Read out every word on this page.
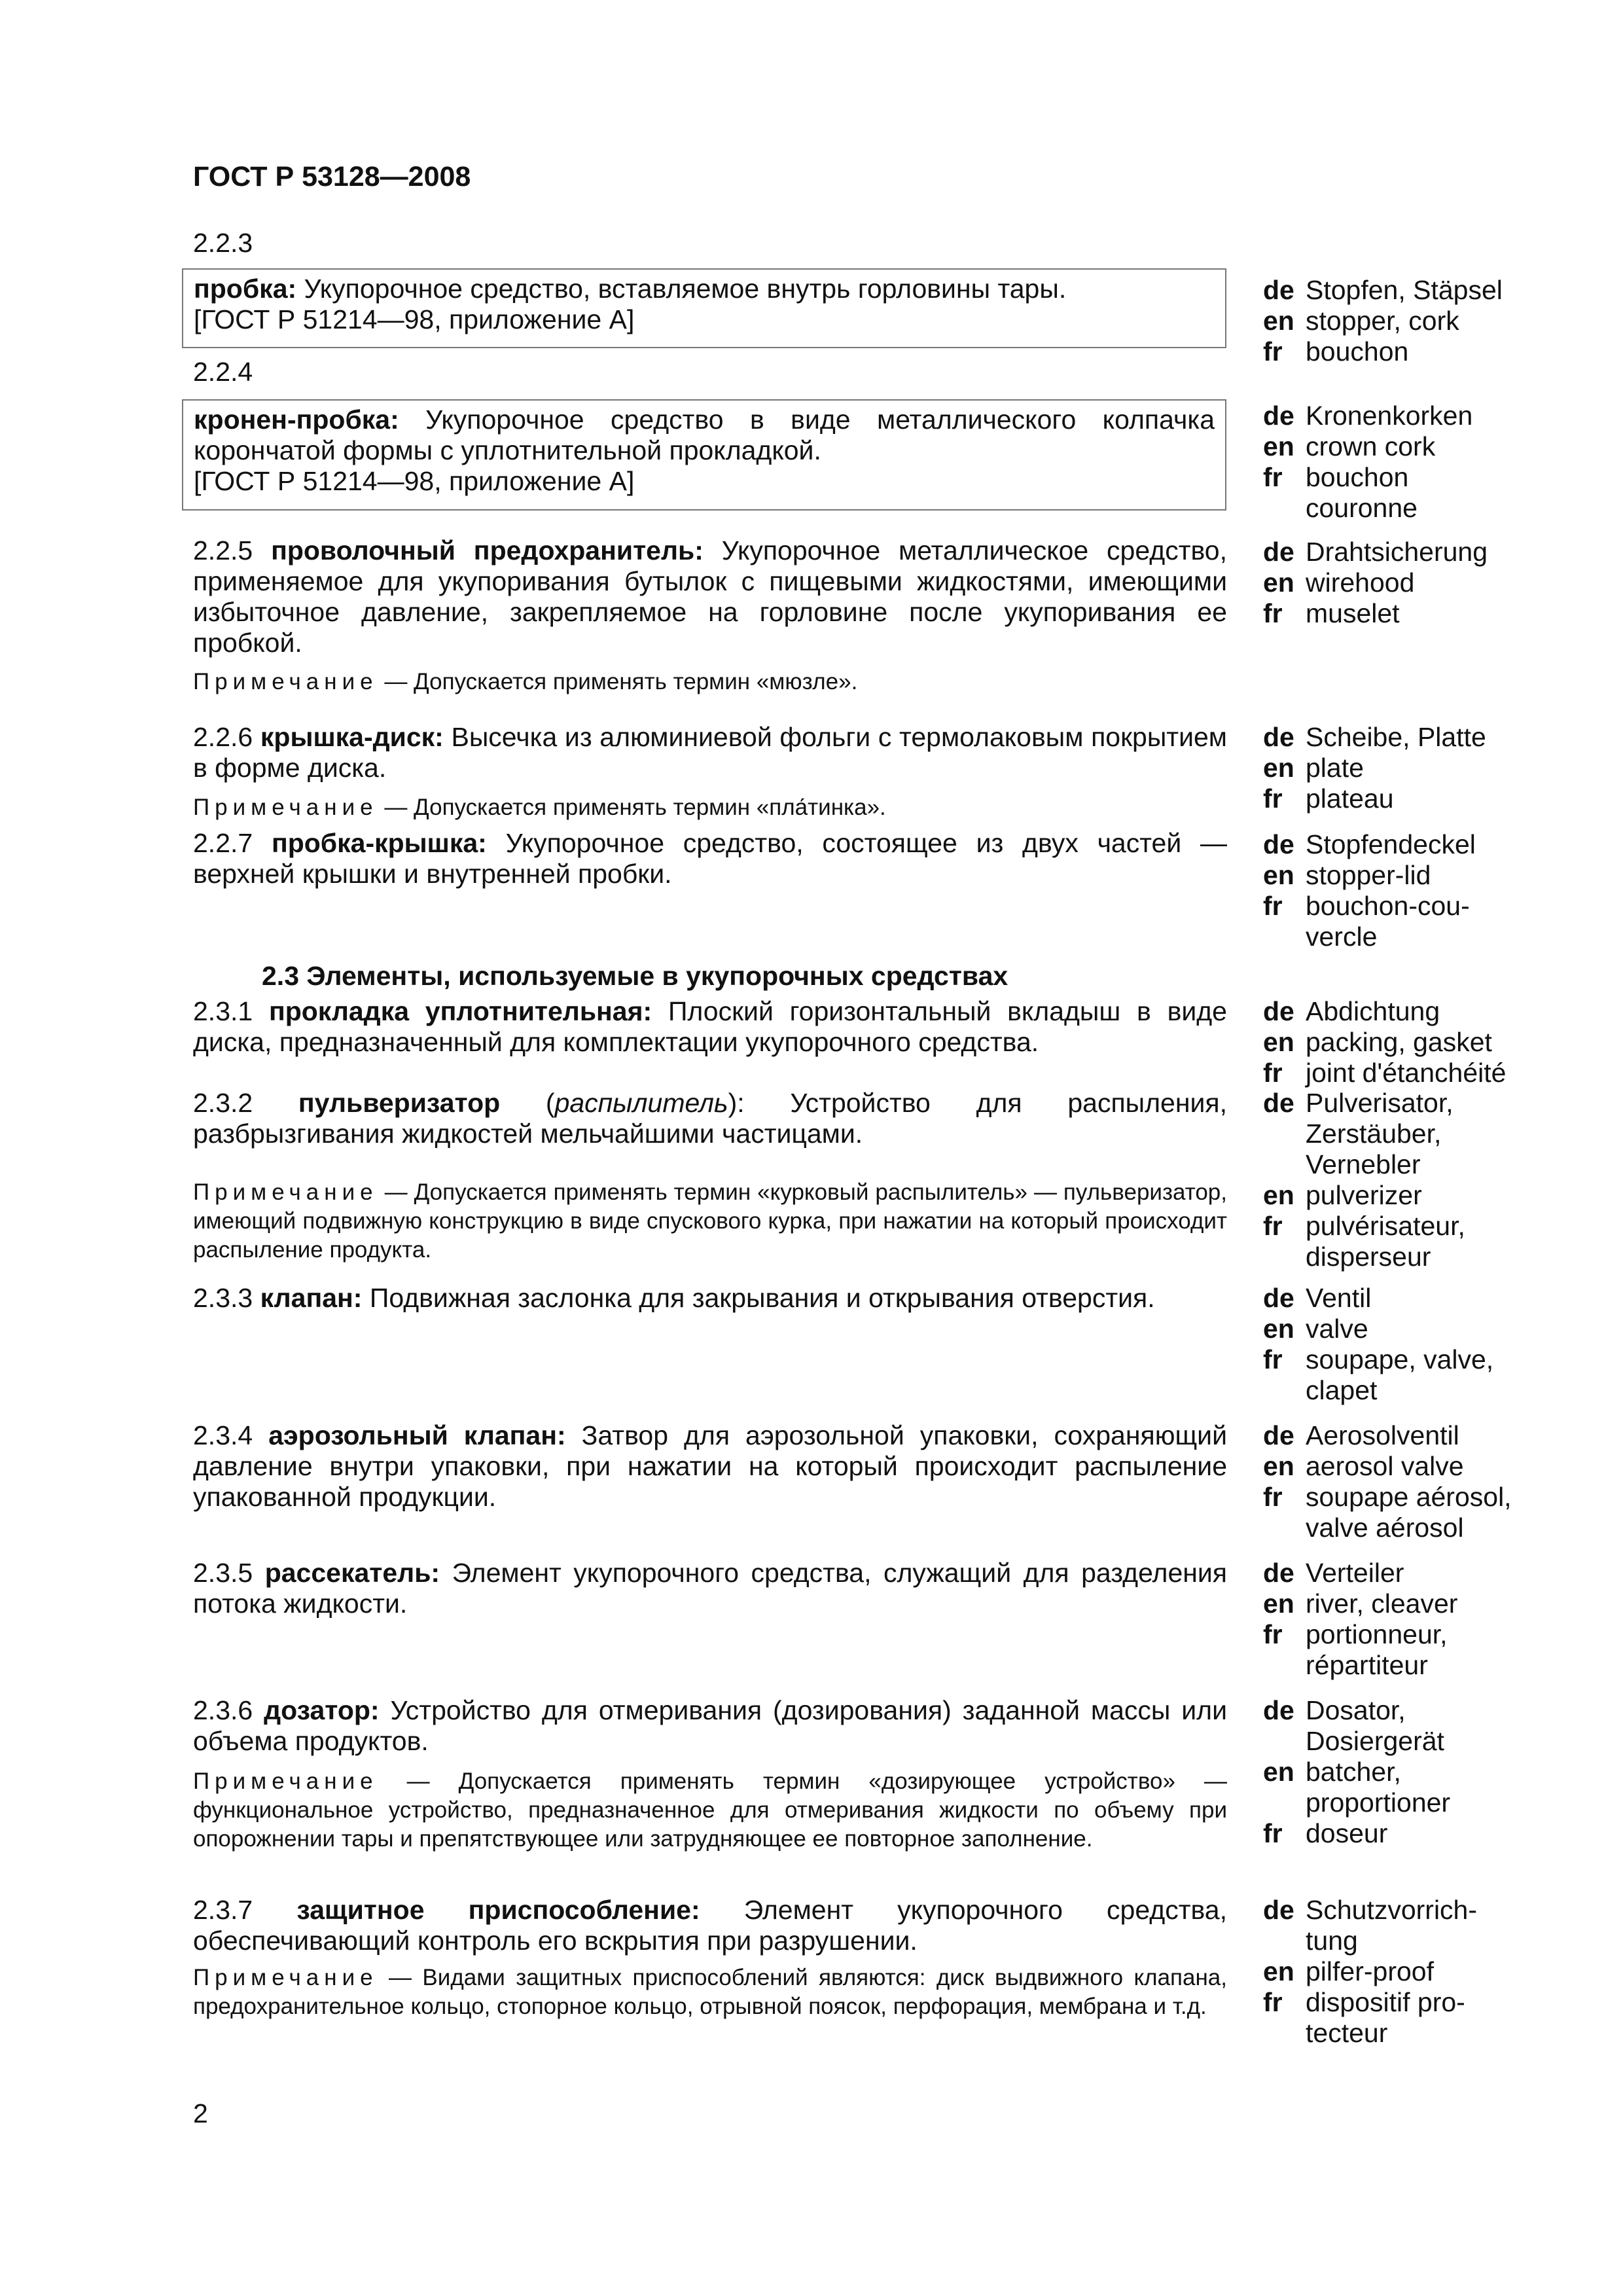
ГОСТ Р 53128—2008
2.2.3
пробка: Укупорочное средство, вставляемое внутрь горловины тары.
[ГОСТ Р 51214—98, приложение А]
de Stopfen, Stäpsel
en stopper, cork
fr bouchon
2.2.4
кронен-пробка: Укупорочное средство в виде металлического колпачка корончатой формы с уплотнительной прокладкой.
[ГОСТ Р 51214—98, приложение А]
de Kronenkorken
en crown cork
fr bouchon
couronne
2.2.5 проволочный предохранитель: Укупорочное металлическое средство, применяемое для укупоривания бутылок с пищевыми жидкостями, имеющими избыточное давление, закрепляемое на горловине после укупоривания ее пробкой.
Примечание — Допускается применять термин «мюзле».
de Drahtsicherung
en wirehood
fr muselet
2.2.6 крышка-диск: Высечка из алюминиевой фольги с термолаковым покрытием в форме диска.
Примечание — Допускается применять термин «пла́тинка».
de Scheibe, Platte
en plate
fr plateau
2.2.7 пробка-крышка: Укупорочное средство, состоящее из двух частей — верхней крышки и внутренней пробки.
de Stopfendeckel
en stopper-lid
fr bouchon-cou-
vercle
2.3 Элементы, используемые в укупорочных средствах
2.3.1 прокладка уплотнительная: Плоский горизонтальный вкладыш в виде диска, предназначенный для комплектации укупорочного средства.
de Abdichtung
en packing, gasket
fr joint d'étanchéité
2.3.2 пульверизатор (распылитель): Устройство для распыления, разбрызгивания жидкостей мельчайшими частицами.
Примечание — Допускается применять термин «курковый распылитель» — пульверизатор, имеющий подвижную конструкцию в виде спускового курка, при нажатии на который происходит распыление продукта.
de Pulverisator,
Zerstäuber,
Vernebler
en pulverizer
fr pulvérisateur,
disperseur
2.3.3 клапан: Подвижная заслонка для закрывания и открывания отверстия.	de Ventil
en valve
fr soupape, valve,
clapet
2.3.4 аэрозольный клапан: Затвор для аэрозольной упаковки, сохраняющий давление внутри упаковки, при нажатии на который происходит распыление упакованной продукции.
de Aerosolventil
en aerosol valve
fr soupape aérosol,
valve aérosol
2.3.5 рассекатель: Элемент укупорочного средства, служащий для разделения потока жидкости.
de Verteiler
en river, cleaver
fr portionneur,
répartiteur
2.3.6 дозатор: Устройство для отмеривания (дозирования) заданной массы или объема продуктов.
Примечание — Допускается применять термин «дозирующее устройство» — функциональное устройство, предназначенное для отмеривания жидкости по объему при опорожнении тары и препятствующее или затрудняющее ее повторное заполнение.
de Dosator,
Dosiergerät
en batcher,
proportioner
fr doseur
2.3.7 защитное приспособление: Элемент укупорочного средства, обеспечивающий контроль его вскрытия при разрушении.
Примечание — Видами защитных приспособлений являются: диск выдвижного клапана, предохранительное кольцо, стопорное кольцо, отрывной поясок, перфорация, мембрана и т.д.
de Schutzvorrich-
tung
en pilfer-proof
fr dispositif pro-
tecteur
2
